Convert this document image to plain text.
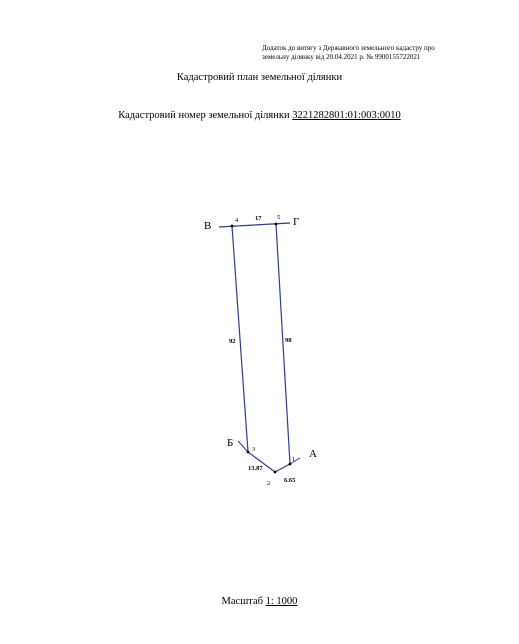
Додаток до витягу з Державного земельного кадастру про
земельну ділянку від 20.04.2021 р. № 9900155722021
Кадастровий план земельної ділянки
Кадастровий номер земельної ділянки 3221282801:01:003:0010
В	Г
Б
А
4	5
3
2
1
17
92	98
13.87
6.65
Масштаб 1: 1000
